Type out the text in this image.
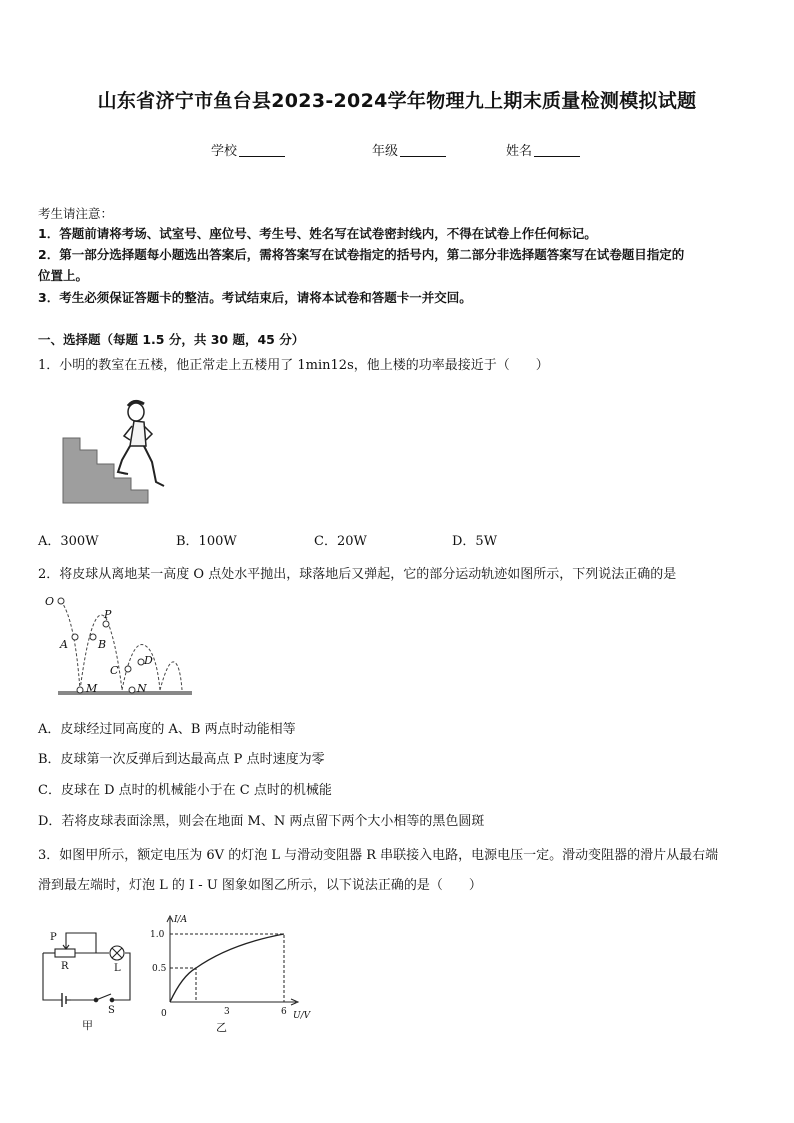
山东省济宁市鱼台县2023-2024学年物理九上期末质量检测模拟试题
学校	年级	姓名
考生请注意：
1．答题前请将考场、试室号、座位号、考生号、姓名写在试卷密封线内，不得在试卷上作任何标记。
2．第一部分选择题每小题选出答案后，需将答案写在试卷指定的括号内，第二部分非选择题答案写在试卷题目指定的
位置上。
3．考生必须保证答题卡的整洁。考试结束后，请将本试卷和答题卡一并交回。
一、选择题（每题 1.5 分，共 30 题，45 分）
1．小明的教室在五楼，他正常走上五楼用了 1min12s，他上楼的功率最接近于（　　）
A．300W	B．100W	C．20W	D．5W
2．将皮球从离地某一高度 O 点处水平抛出，球落地后又弹起，它的部分运动轨迹如图所示，下列说法正确的是
O
A	B
P
C
D
M	N
A．皮球经过同高度的 A、B 两点时动能相等
B．皮球第一次反弹后到达最高点 P 点时速度为零
C．皮球在 D 点时的机械能小于在 C 点时的机械能
D．若将皮球表面涂黑，则会在地面 M、N 两点留下两个大小相等的黑色圆斑
3．如图甲所示，额定电压为 6V 的灯泡 L 与滑动变阻器 R 串联接入电路，电源电压一定。滑动变阻器的滑片从最右端
滑到最左端时，灯泡 L 的 I - U 图象如图乙所示，以下说法正确的是（　　）
P
R	L
S
甲
I/A
1.0
0.5
0	3	6 U/V
乙
